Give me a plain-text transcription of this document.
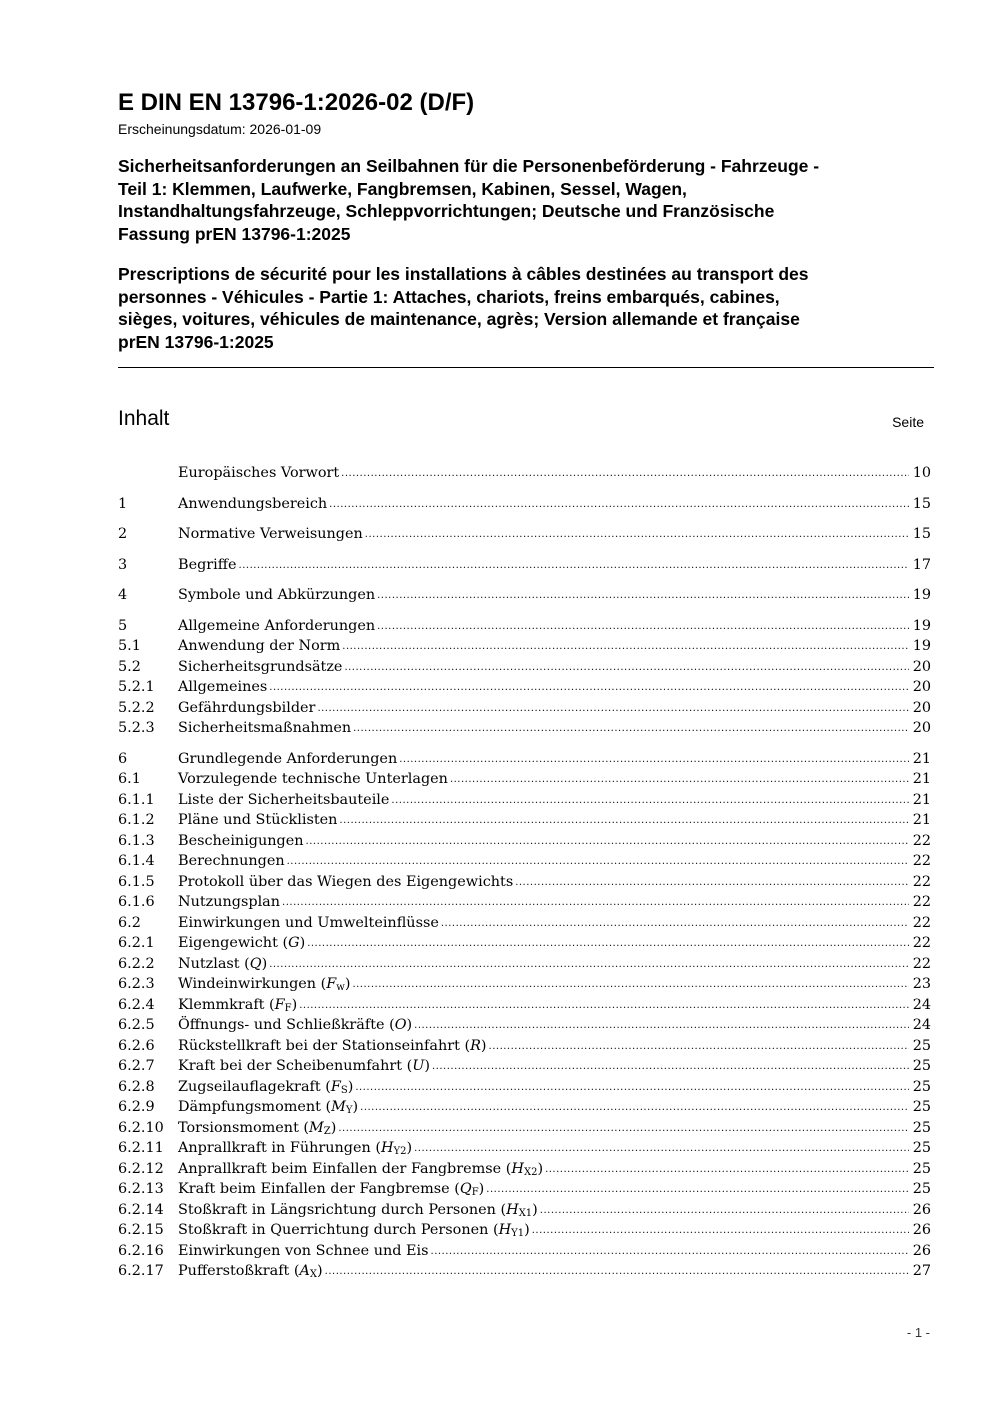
E DIN EN 13796-1:2026-02 (D/F)
Erscheinungsdatum: 2026-01-09
Sicherheitsanforderungen an Seilbahnen für die Personenbeförderung - Fahrzeuge -
Teil 1: Klemmen, Laufwerke, Fangbremsen, Kabinen, Sessel, Wagen,
Instandhaltungsfahrzeuge, Schleppvorrichtungen; Deutsche und Französische
Fassung prEN 13796-1:2025
Prescriptions de sécurité pour les installations à câbles destinées au transport des
personnes - Véhicules - Partie 1: Attaches, chariots, freins embarqués, cabines,
sièges, voitures, véhicules de maintenance, agrès; Version allemande et française
prEN 13796-1:2025
Inhalt	Seite
Europäisches Vorwort .....	10
1	Anwendungsbereich .....	15
2	Normative Verweisungen .....	15
3	Begriffe .....	17
4	Symbole und Abkürzungen .....	19
5	Allgemeine Anforderungen .....	19
5.1	Anwendung der Norm .....	19
5.2	Sicherheitsgrundsätze .....	20
5.2.1	Allgemeines .....	20
5.2.2	Gefährdungsbilder .....	20
5.2.3	Sicherheitsmaßnahmen .....	20
6	Grundlegende Anforderungen .....	21
6.1	Vorzulegende technische Unterlagen .....	21
6.1.1	Liste der Sicherheitsbauteile .....	21
6.1.2	Pläne und Stücklisten .....	21
6.1.3	Bescheinigungen .....	22
6.1.4	Berechnungen .....	22
6.1.5	Protokoll über das Wiegen des Eigengewichts .....	22
6.1.6	Nutzungsplan .....	22
6.2	Einwirkungen und Umwelteinflüsse .....	22
6.2.1	Eigengewicht (G) .....	22
6.2.2	Nutzlast (Q) .....	22
6.2.3	Windeinwirkungen $(F_w)$ .....	23
6.2.4	Klemmkraft $(F_F)$ .....	24
6.2.5	Öffnungs- und Schließkräfte (O) .....	24
6.2.6	Rückstellkraft bei der Stationseinfahrt (R) .....	25
6.2.7	Kraft bei der Scheibenumfahrt (U) .....	25
6.2.8	Zugseilauflagekraft $(F_S)$ .....	25
6.2.9	Dämpfungsmoment $(M_Y)$ .....	25
6.2.10 Torsionsmoment $(M_Z)$ .....	25
6.2.11 Anprallkraft in Führungen $(H_{Y2})$ .....	25
6.2.12 Anprallkraft beim Einfallen der Fangbremse $(H_{X2})$ .....	25
6.2.13 Kraft beim Einfallen der Fangbremse $(Q_F)$ .....	25
6.2.14 Stoßkraft in Längsrichtung durch Personen $(H_{X1})$ .....	26
6.2.15 Stoßkraft in Querrichtung durch Personen $(H_{Y1})$ .....	26
6.2.16 Einwirkungen von Schnee und Eis .....	26
6.2.17 Pufferstoßkraft $(A_X)$ .....	27
- 1 -
